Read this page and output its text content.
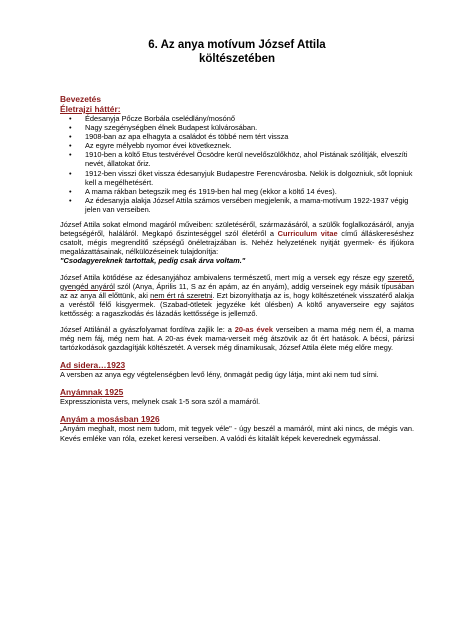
6. Az anya motívum József Attila
költészetében
Bevezetés
Életrajzi háttér:
• Édesanyja Pőcze Borbála cselédlány/mosónő
• Nagy szegénységben élnek Budapest külvárosában.
• 1908-ban az apa elhagyta a családot és többé nem tért vissza
• Az egyre mélyebb nyomor évei következnek.
• 1910-ben a költő Etus testvérével Öcsödre kerül nevelőszülőkhöz, ahol Pistának szólítják, elveszíti nevét, állatokat őriz.
• 1912-ben visszi őket vissza édesanyjuk Budapestre Ferencvárosba. Nekik is dolgozniuk, sőt lopniuk kell a megélhetésért.
• A mama rákban betegszik meg és 1919-ben hal meg (ekkor a költő 14 éves).
• Az édesanyja alakja József Attila számos versében megjelenik, a mama-motívum 1922-1937 végig jelen van verseiben.

József Attila sokat elmond magáról műveiben: születéséről, származásáról, a szülők foglalkozásáról, anyja betegségéről, haláláról. Megkapó őszinteséggel szól életéről a Curriculum vitae című álláskereséshez csatolt, mégis megrendítő szépségű önéletrajzában is. Nehéz helyzetének nyitját gyermek- és ifjúkora megalázattásainak, nélkülözéseinek tulajdonítja:
"Csodagyereknek tartottak, pedig csak árva voltam."

József Attila kötődése az édesanyjához ambivalens természetű, mert míg a versek egy része egy szerető, gyengéd anyáról szól (Anya, Április 11, S az én apám, az én anyám), addig verseinek egy másik típusában az az anya áll előttünk, aki nem ért rá szeretni. Ezt bizonyíthatja az is, hogy költészetének visszatérő alakja a veréstől félő kisgyermek. (Szabad-ötletek jegyzéke két ülésben) A költő anyaverseire egy sajátos kettősség: a ragaszkodás és lázadás kettőssége is jellemző.

József Attilánál a gyászfolyamat fordítva zajlik le: a 20-as évek verseiben a mama még nem él, a mama még nem fáj, még nem hat. A 20-as évek mama-verseit még átszövik az őt ért hatások. A bécsi, párizsi tartózkodások gazdagítják költészetét. A versek még dinamikusak, József Attila élete még előre megy.

Ad sidera…1923

A versben az anya egy végtelenségben levő lény, önmagát pedig úgy látja, mint aki nem tud sírni.

Anyámnak 1925

Expresszionista vers, melynek csak 1-5 sora szól a mamáról.

Anyám a mosásban 1926

„Anyám meghalt, most nem tudom, mit tegyek véle" - úgy beszél a mamáról, mint aki nincs, de mégis van. Kevés emléke van róla, ezeket keresi verseiben. A valódi és kitalált képek keverednek egymással.
